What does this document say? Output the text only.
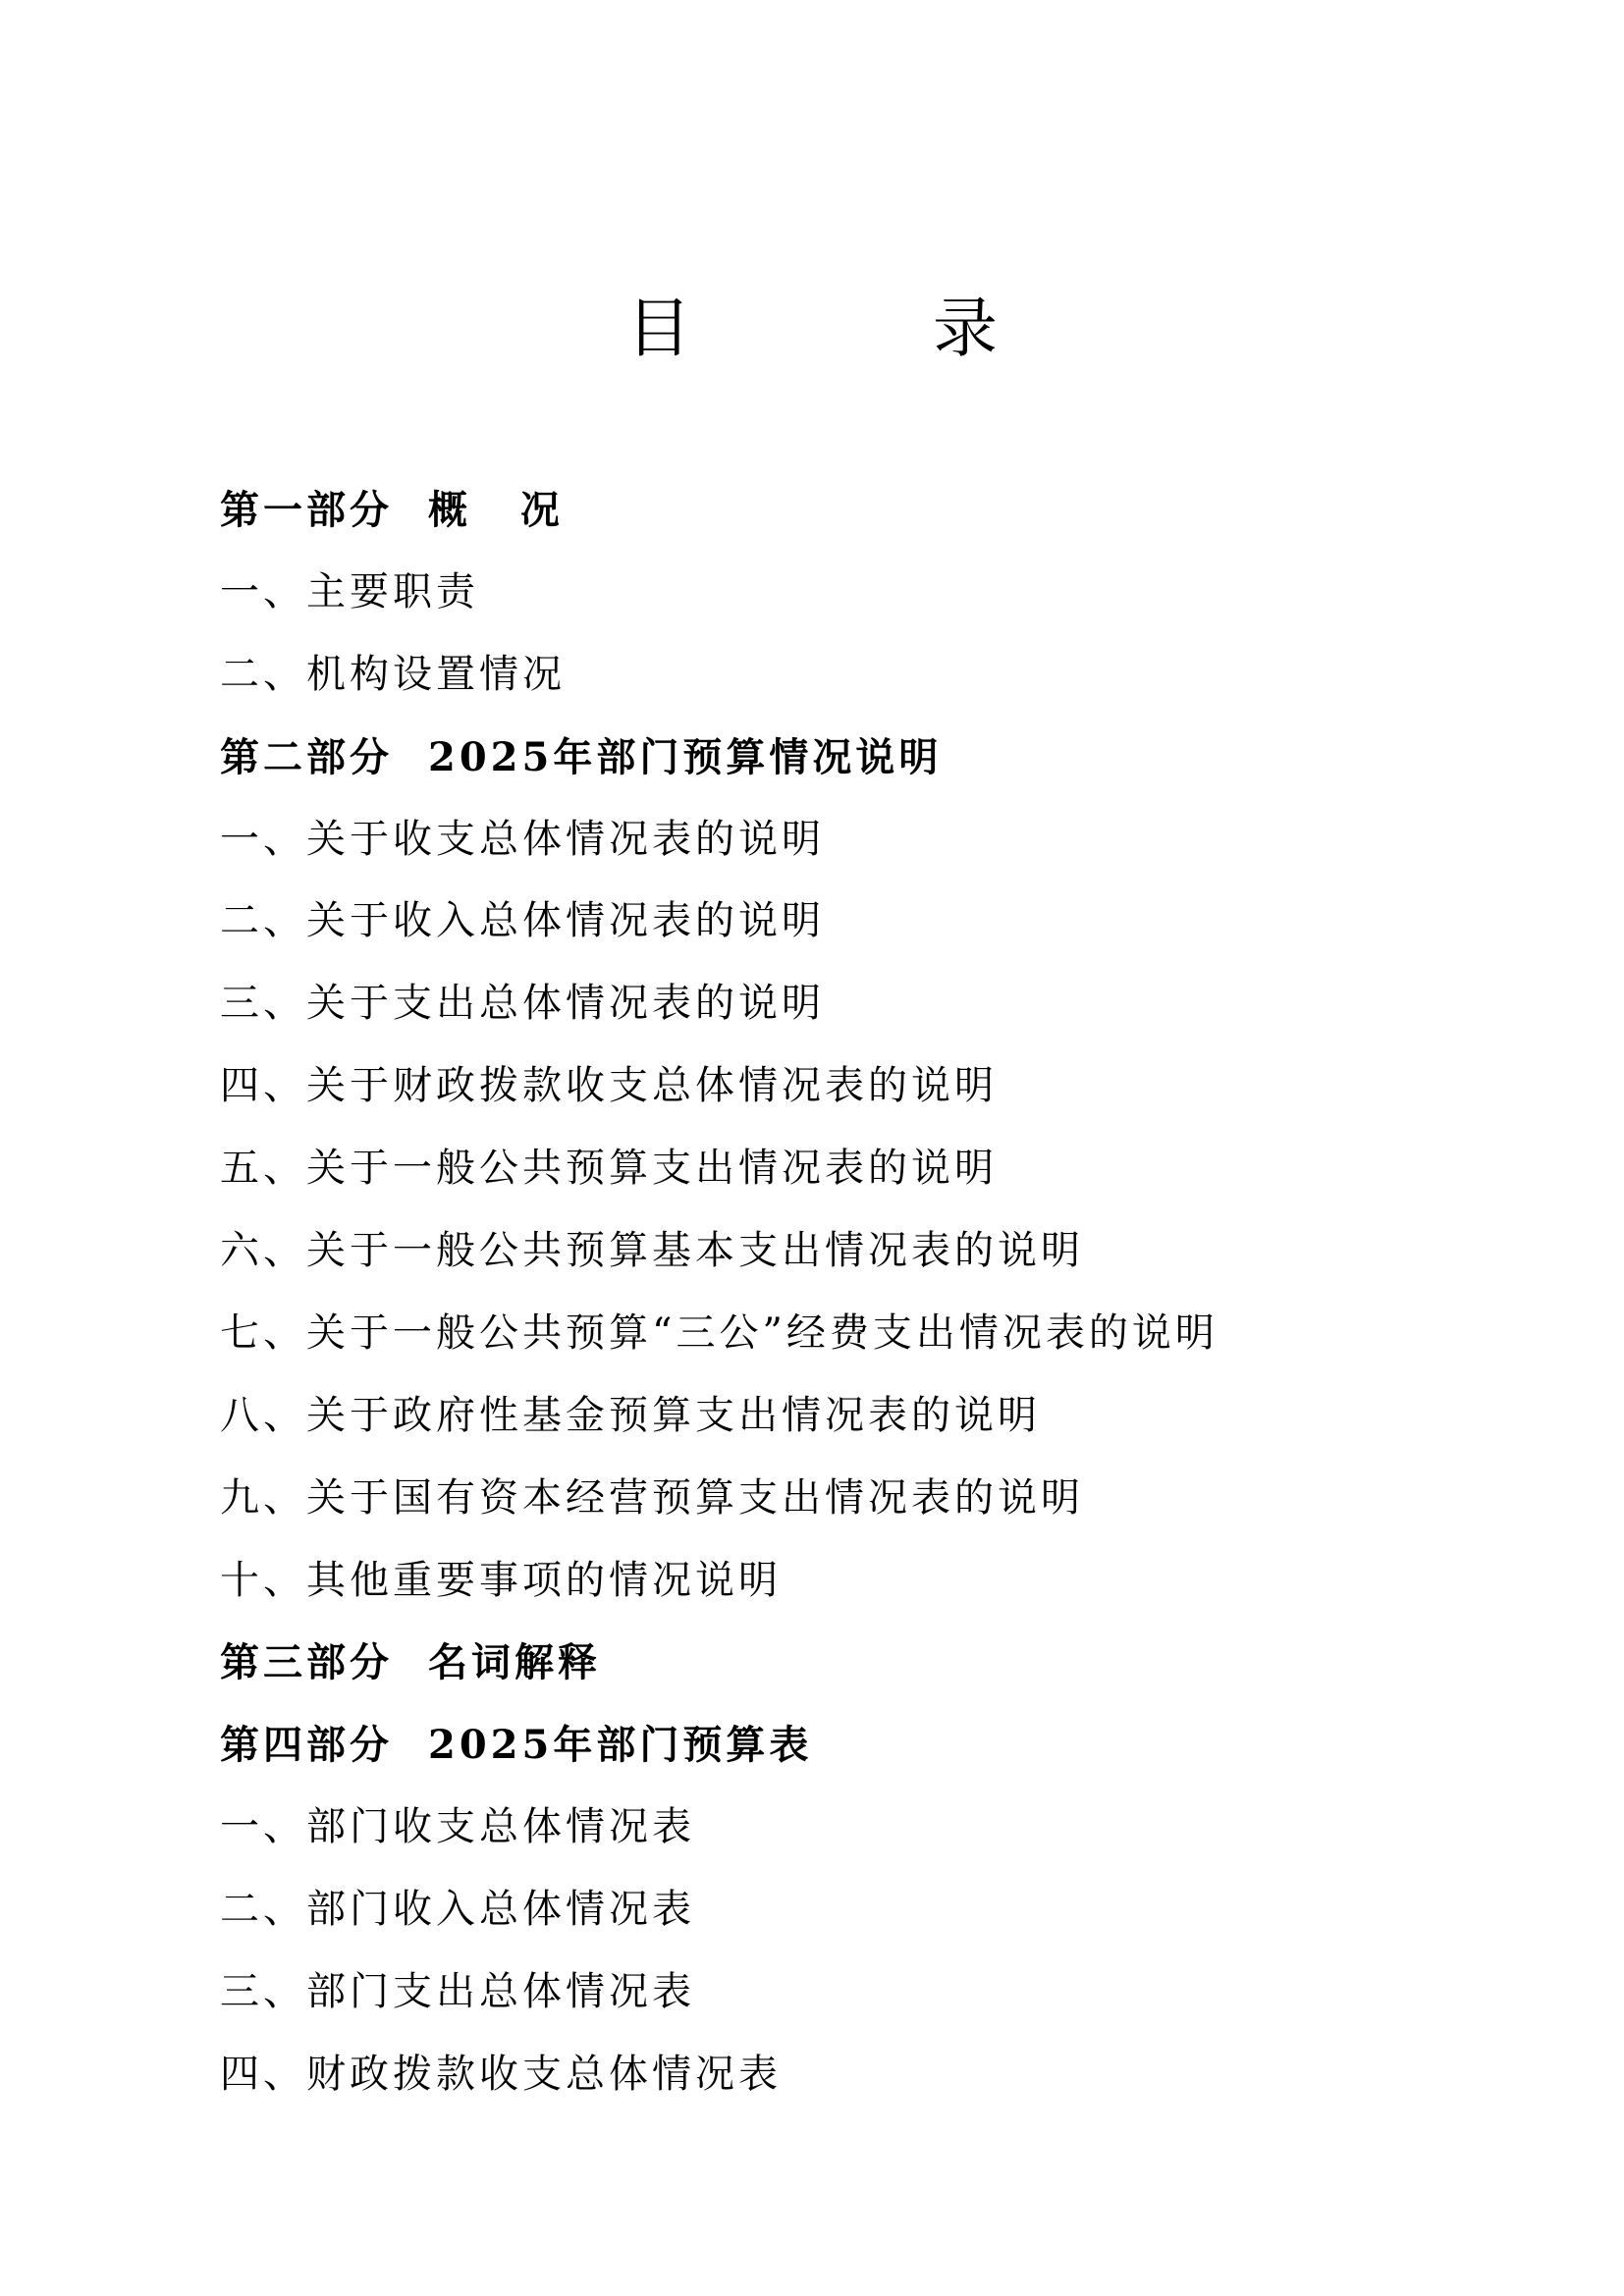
目　录
第一部分 概 况
一、主要职责
二、机构设置情况
第二部分 2025年部门预算情况说明
一、关于收支总体情况表的说明
二、关于收入总体情况表的说明
三、关于支出总体情况表的说明
四、关于财政拨款收支总体情况表的说明
五、关于一般公共预算支出情况表的说明
六、关于一般公共预算基本支出情况表的说明
七、关于一般公共预算“三公”经费支出情况表的说明
八、关于政府性基金预算支出情况表的说明
九、关于国有资本经营预算支出情况表的说明
十、其他重要事项的情况说明
第三部分 名词解释
第四部分 2025年部门预算表
一、部门收支总体情况表
二、部门收入总体情况表
三、部门支出总体情况表
四、财政拨款收支总体情况表
